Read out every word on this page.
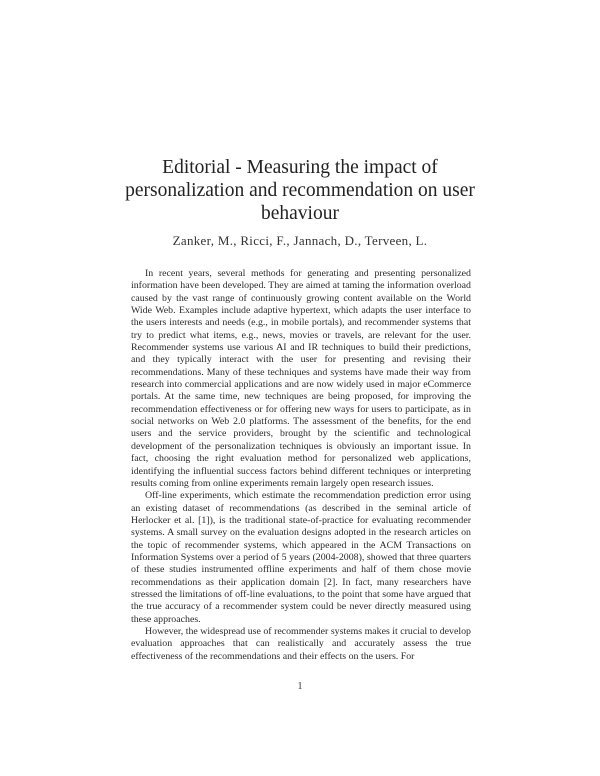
Editorial - Measuring the impact of personalization and recommendation on user behaviour
Zanker, M., Ricci, F., Jannach, D., Terveen, L.

In recent years, several methods for generating and presenting personalized information have been developed. They are aimed at taming the information overload caused by the vast range of continuously growing content available on the World Wide Web. Examples include adaptive hypertext, which adapts the user interface to the users interests and needs (e.g., in mobile portals), and recommender systems that try to predict what items, e.g., news, movies or travels, are relevant for the user. Recommender systems use various AI and IR techniques to build their predictions, and they typically interact with the user for presenting and revising their recommendations. Many of these techniques and systems have made their way from research into commercial applications and are now widely used in major eCommerce portals. At the same time, new techniques are being proposed, for improving the recommendation effectiveness or for offering new ways for users to participate, as in social networks on Web 2.0 platforms. The assessment of the benefits, for the end users and the service providers, brought by the scientific and technological development of the personalization techniques is obviously an important issue. In fact, choosing the right evaluation method for personalized web applications, identifying the influential success factors behind different techniques or interpreting results coming from online experiments remain largely open research issues.

Off-line experiments, which estimate the recommendation prediction error using an existing dataset of recommendations (as described in the seminal article of Herlocker et al. [1]), is the traditional state-of-practice for evaluating recommender systems. A small survey on the evaluation designs adopted in the research articles on the topic of recommender systems, which appeared in the ACM Transactions on Information Systems over a period of 5 years (2004-2008), showed that three quarters of these studies instrumented offline experiments and half of them chose movie recommendations as their application domain [2]. In fact, many researchers have stressed the limitations of off-line evaluations, to the point that some have argued that the true accuracy of a recommender system could be never directly measured using these approaches.

However, the widespread use of recommender systems makes it crucial to develop evaluation approaches that can realistically and accurately assess the true effectiveness of the recommendations and their effects on the users. For

1
